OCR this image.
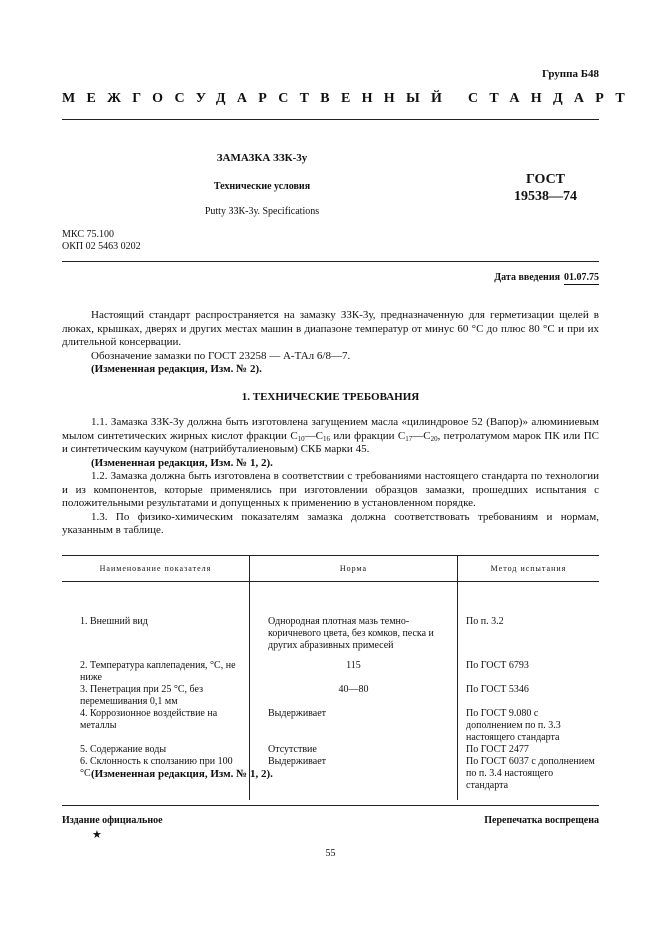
Группа Б48
МЕЖГОСУДАРСТВЕННЫЙ СТАНДАРТ
ЗАМАЗКА ЗЗК-3у
Технические условия
Putty ЗЗК-3у. Specifications
ГОСТ
19538—74
МКС 75.100
ОКП 02 5463 0202
Дата введения 01.07.75

Настоящий стандарт распространяется на замазку ЗЗК-3у, предназначенную для герметизации щелей в люках, крышках, дверях и других местах машин в диапазоне температур от минус 60 °С до плюс 80 °С и при их длительной консервации.

Обозначение замазки по ГОСТ 23258 — А-ТАл 6/8—7.

(Измененная редакция, Изм. № 2).

1. ТЕХНИЧЕСКИЕ ТРЕБОВАНИЯ

1.1. Замазка ЗЗК-3у должна быть изготовлена загущением масла «цилиндровое 52 (Вапор)» алюминиевым мылом синтетических жирных кислот фракции $С_{10}—С_{16}$ или фракции $С_{17}—С_{20}$, петролатумом марок ПК или ПС и синтетическим каучуком (натрийбуталиеновым) СКБ марки 45.

(Измененная редакция, Изм. № 1, 2).

1.2. Замазка должна быть изготовлена в соответствии с требованиями настоящего стандарта по технологии и из компонентов, которые применялись при изготовлении образцов замазки, прошедших испытания с положительными результатами и допущенных к применению в установленном порядке.

1.3. По физико-химическим показателям замазка должна соответствовать требованиям и нормам, указанным в таблице.

Наименование показателя	Норма	Метод испытания
1. Внешний вид	Однородная плотная мазь темно-коричневого цвета, без комков, песка и других абразивных примесей	По п. 3.2
2. Температура каплепадения, °С, не ниже	115	По ГОСТ 6793
3. Пенетрация при 25 °С, без перемешивания 0,1 мм	40—80	По ГОСТ 5346
4. Коррозионное воздействие на металлы	Выдерживает	По ГОСТ 9.080 с дополнением по п. 3.3 настоящего стандарта
5. Содержание воды	Отсутствие	По ГОСТ 2477
6. Склонность к сползанию при 100 °С	Выдерживает	По ГОСТ 6037 с дополнением по п. 3.4 настоящего стандарта
(Измененная редакция, Изм. № 1, 2).
Издание официальное
★
Перепечатка воспрещена
55
